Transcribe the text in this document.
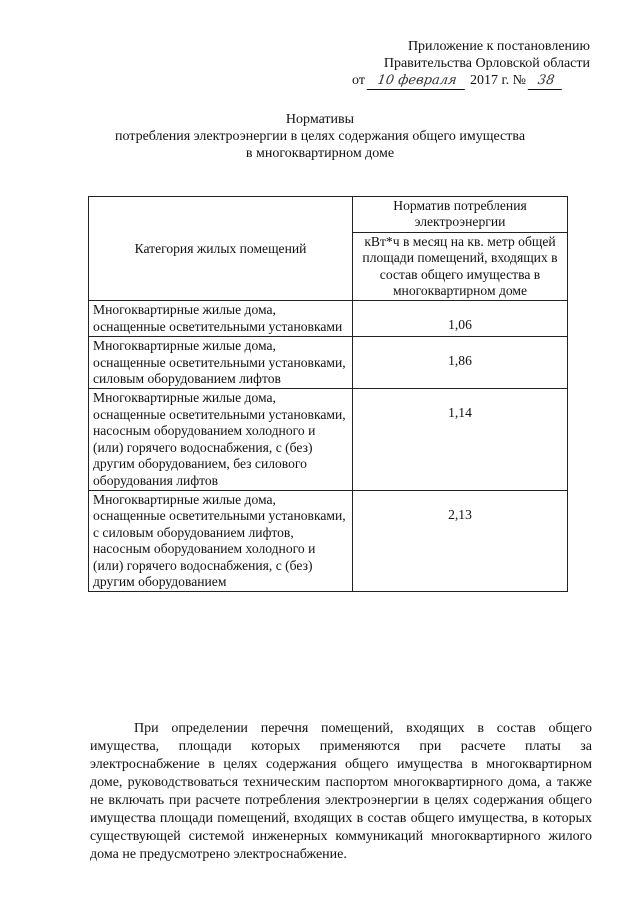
Приложение к постановлению
Правительства Орловской области
от 10 февраля 2017 г. № 38
Нормативы
потребления электроэнергии в целях содержания общего имущества
в многоквартирном доме
Категория жилых помещений	Норматив потребления электроэнергии
	кВт*ч в месяц на кв. метр общей площади помещений, входящих в состав общего имущества в многоквартирном доме
Многоквартирные жилые дома, оснащенные осветительными установками	1,06
Многоквартирные жилые дома, оснащенные осветительными установками, силовым оборудованием лифтов	1,86
Многоквартирные жилые дома, оснащенные осветительными установками, насосным оборудованием холодного и (или) горячего водоснабжения, с (без) другим оборудованием, без силового оборудования лифтов	1,14
Многоквартирные жилые дома, оснащенные осветительными установками, с силовым оборудованием лифтов, насосным оборудованием холодного и (или) горячего водоснабжения, с (без) другим оборудованием	2,13

При определении перечня помещений, входящих в состав общего имущества, площади которых применяются при расчете платы за электроснабжение в целях содержания общего имущества в многоквартирном доме, руководствоваться техническим паспортом многоквартирного дома, а также не включать при расчете потребления электроэнергии в целях содержания общего имущества площади помещений, входящих в состав общего имущества, в которых существующей системой инженерных коммуникаций многоквартирного жилого дома не предусмотрено электроснабжение.
